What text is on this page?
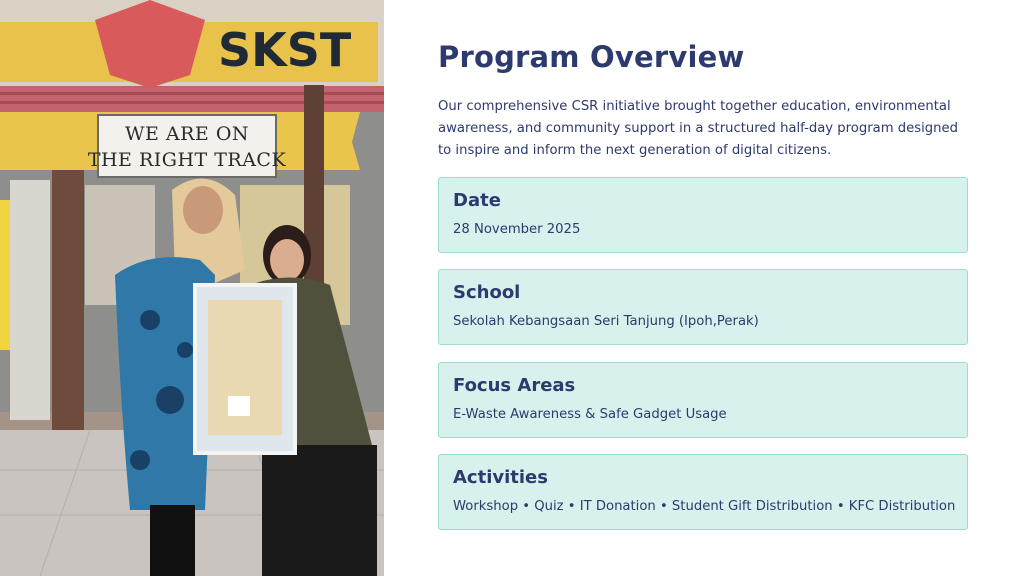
SKST
WE ARE ON
THE RIGHT TRACK
Program Overview

Our comprehensive CSR initiative brought together education, environmental awareness, and community support in a structured half-day program designed to inspire and inform the next generation of digital citizens.

Date

28 November 2025

School

Sekolah Kebangsaan Seri Tanjung (Ipoh,Perak)

Focus Areas

E-Waste Awareness & Safe Gadget Usage

Activities

Workshop • Quiz • IT Donation • Student Gift Distribution • KFC Distribution
